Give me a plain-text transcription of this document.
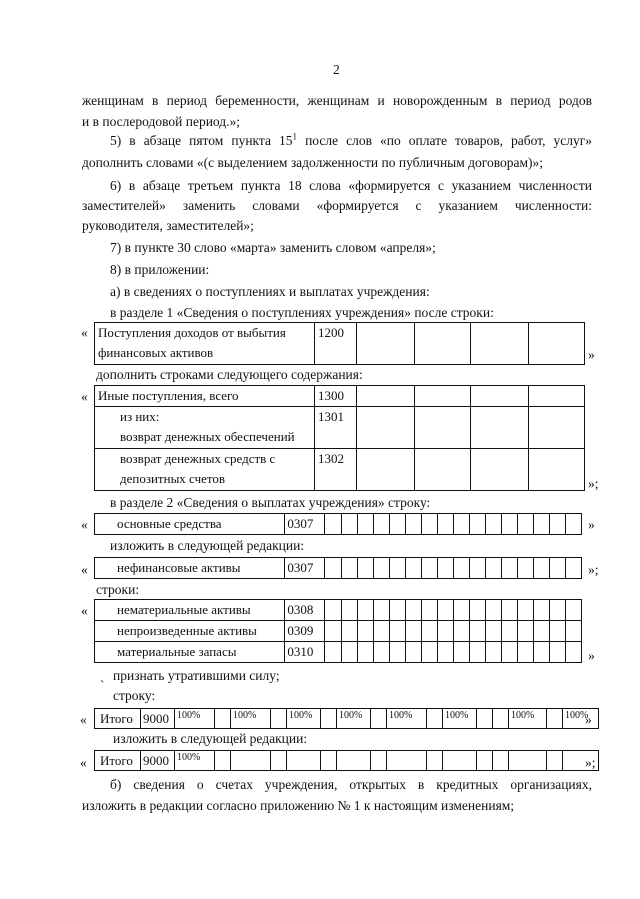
2
женщинам в период беременности, женщинам и новорожденным в период родов
и в послеродовой период.»;
5) в абзаце пятом пункта $15^1$ после слов «по оплате товаров, работ, услуг»
дополнить словами «(с выделением задолженности по публичным договорам)»;
6) в абзаце третьем пункта 18 слова «формируется с указанием численности
заместителей» заменить словами «формируется с указанием численности:
руководителя, заместителей»;
7) в пункте 30 слово «марта» заменить словом «апреля»;
8) в приложении:
а) в сведениях о поступлениях и выплатах учреждения:
в разделе 1 «Сведения о поступлениях учреждения» после строки:
« Поступления доходов от выбытия
финансовых активов
	1200				
»
дополнить строками следующего содержания:
« Иные поступления, всего	1300				

из них:
возврат денежных обеспечений	1301				

возврат денежных средств с
депозитных счетов	1302				
»;
в разделе 2 «Сведения о выплатах учреждения» строку:
« основные средства	0307																	»
изложить в следующей редакции:
« нефинансовые активы	0307																	»;
строки:
« нематериальные активы	0308																
непроизведенные активы	0309																
материальные запасы	0310																	»
ˎ признать утратившими силу;
строку:
« Итого	9000	100%		100%		100%		100%		100%		100%			100%		100%
»
изложить в следующей редакции:
« Итого	9000	100%																»;
б) сведения о счетах учреждения, открытых в кредитных организациях,
изложить в редакции согласно приложению № 1 к настоящим изменениям;
